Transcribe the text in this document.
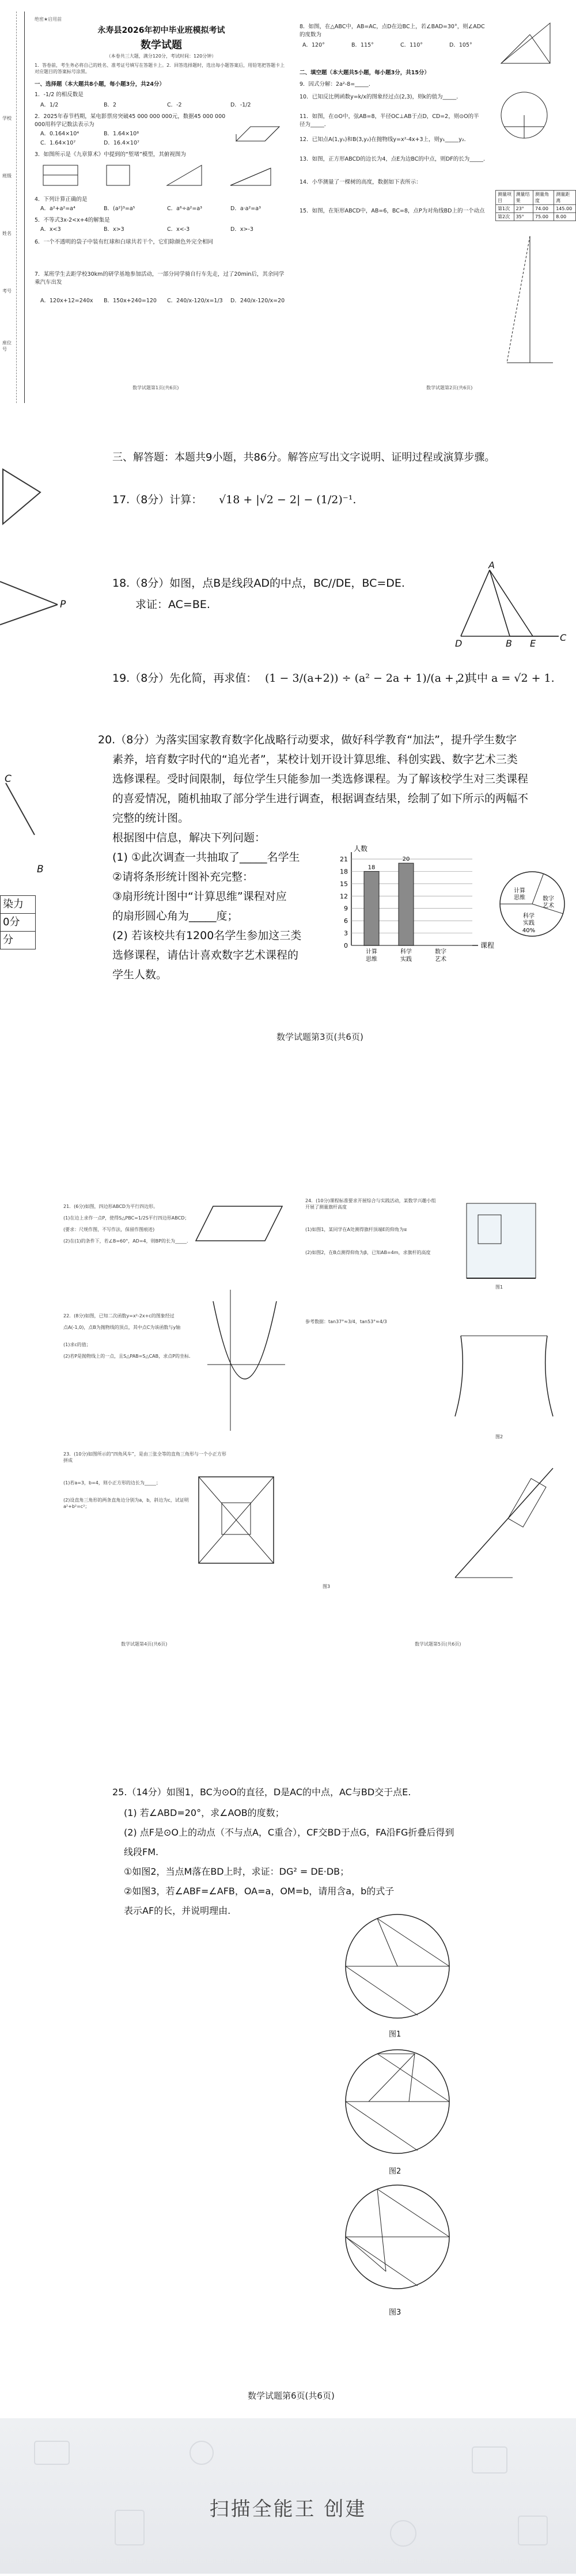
学校
班级
姓名
考号
座位号
绝密★启用前
永寿县2026年初中毕业班模拟考试
数学试题
（本卷共三大题，满分120分，考试时间：120分钟）
1．答卷前，考生务必将自己的姓名、准考证号填写在答题卡上。2．回答选择题时，选出每小题答案后，用铅笔把答题卡上对应题目的答案标号涂黑。
一、选择题（本大题共8小题，每小题3分，共24分）
1．-1/2 的相反数是
A．1/2	B．2	C．-2	D．-1/2
2．2025年春节档期，某电影票房突破45 000 000 000元，数据45 000 000 000用科学记数法表示为
A．0.164×10⁴	B．1.64×10⁸
C．1.64×10⁷	D．16.4×10⁷
3．如图所示是《九章算术》中提到的“堑堵”模型，其俯视图为
4．下列计算正确的是
A．a²+a²=a⁴	B．(a²)³=a⁵	C．a⁶÷a²=a³	D．a·a²=a³
5．不等式3x-2<x+4的解集是
A．x<3	B．x>3	C．x<-3	D．x>-3
6．一个不透明的袋子中装有红球和白球共若干个，它们除颜色外完全相同
7．某班学生去距学校30km的研学基地参加活动，一部分同学骑自行车先走，过了20min后，其余同学乘汽车出发
A．120x+12=240x B．150x+240=120 C．240/x-120/x=1/3 D．240/x-120/x=20
数学试题第1页(共6页)
8．如图，在△ABC中，AB=AC，点D在边BC上，若∠BAD=30°，则∠ADC的度数为
A．120°	B．115°	C．110°	D．105°
二、填空题（本大题共5小题，每小题3分，共15分）
9．因式分解：2a²-8=_____．
10．已知反比例函数y=k/x的图象经过点(2,3)，则k的值为_____．
11．如图，在⊙O中，弦AB=8，半径OC⊥AB于点D，CD=2，则⊙O的半径为_____．
12．已知点A(1,y₁)和B(3,y₂)在抛物线y=x²-4x+3上，则y₁_____y₂．
13．如图，正方形ABCD的边长为4，点E为边BC的中点，则DF的长为_____．
14．小华测量了一棵树的高度，数据如下表所示：
测量项目	测量结果	测量角度	测量距离
第1次	23°	74.00	145.00
第2次	35°	75.00	8.00
15．如图，在矩形ABCD中，AB=6，BC=8，点P为对角线BD上的一个动点
数学试题第2页(共6页)
P
C
B
染力
0分
分
三、解答题：本题共9小题，共86分。解答应写出文字说明、证明过程或演算步骤。
17.（8分）计算： √18 + |√2 − 2| − (1/2)⁻¹.
18.（8分）如图，点B是线段AD的中点，BC//DE，BC=DE.
求证：AC=BE.
A
D	B E
C
19.（8分）先化简，再求值： (1 − 3/(a+2)) ÷ (a² − 2a + 1)/(a + 2)
，其中 a = √2 + 1.
20.（8分）为落实国家教育数字化战略行动要求，做好科学教育“加法”，提升学生数字
素养，培育数字时代的“追光者”，某校计划开设计算思维、科创实践、数字艺术三类
选修课程。受时间限制，每位学生只能参加一类选修课程。为了解该校学生对三类课程
的喜爱情况，随机抽取了部分学生进行调查，根据调查结果，绘制了如下所示的两幅不
完整的统计图。
根据图中信息，解决下列问题：
(1) ①此次调查一共抽取了_____名学生
②请将条形统计图补充完整：
③扇形统计图中“计算思维”课程对应
的扇形圆心角为_____度；
(2) 若该校共有1200名学生参加这三类
选修课程，请估计喜欢数字艺术课程的
学生人数。
0
3
6
9
12
15
18
21
人数
课程
18
计算
思维
20
科学
实践
数字
艺术
计算
思维	数字
艺术
科学
实践
40%
数学试题第3页(共6页)
21．(6分)如图，四边形ABCD为平行四边形。
(1)在边上求作一点P，使得S△PBC=1/2S平行四边形ABCD；
(要求：尺规作图，不写作法，保留作图痕迹)
(2)在(1)的条件下，若∠B=60°，AD=4，则BP的长为_____．
22．(8分)如图，已知二次函数y=x²-2x+c的图象经过
点A(-1,0)，点B为抛物线的顶点，其中点C为该函数与y轴
(1)求c的值；
(2)若P是抛物线上的一点，且S△PAB=S△CAB，求点P的坐标．
23．(10分)如图所示的“四角风车”，是由三张全等的直角三角形与一个小正方形拼成
(1)若a=3，b=4，则小正方形的边长为_____；
(2)设直角三角形的两条直角边分别为a，b，斜边为c，试证明a²+b²=c²；
数学试题第4页(共6页)
24．(10分)课程标准要求开展综合与实践活动，某数学兴趣小组开展了测量旗杆高度
(1)如图1，某同学在A处测得旗杆顶端E的仰角为α
(2)如图2，在B点测得仰角为β，已知AB=4m，求旗杆的高度
参考数据：tan37°≈3/4，tan53°≈4/3
图1
图2
图3
数学试题第5页(共6页)
25.（14分）如图1，BC为⊙O的直径，D是AC的中点，AC与BD交于点E.
(1) 若∠ABD=20°，求∠AOB的度数；
(2) 点F是⊙O上的动点（不与点A，C重合），CF交BD于点G，FA沿FG折叠后得到
线段FM.
①如图2，当点M落在BD上时，求证：DG² = DE·DB；
②如图3，若∠ABF=∠AFB，OA=a，OM=b，请用含a，b的式子
表示AF的长，并说明理由.
图1
图2
图3
数学试题第6页(共6页)
扫描全能王 创建
